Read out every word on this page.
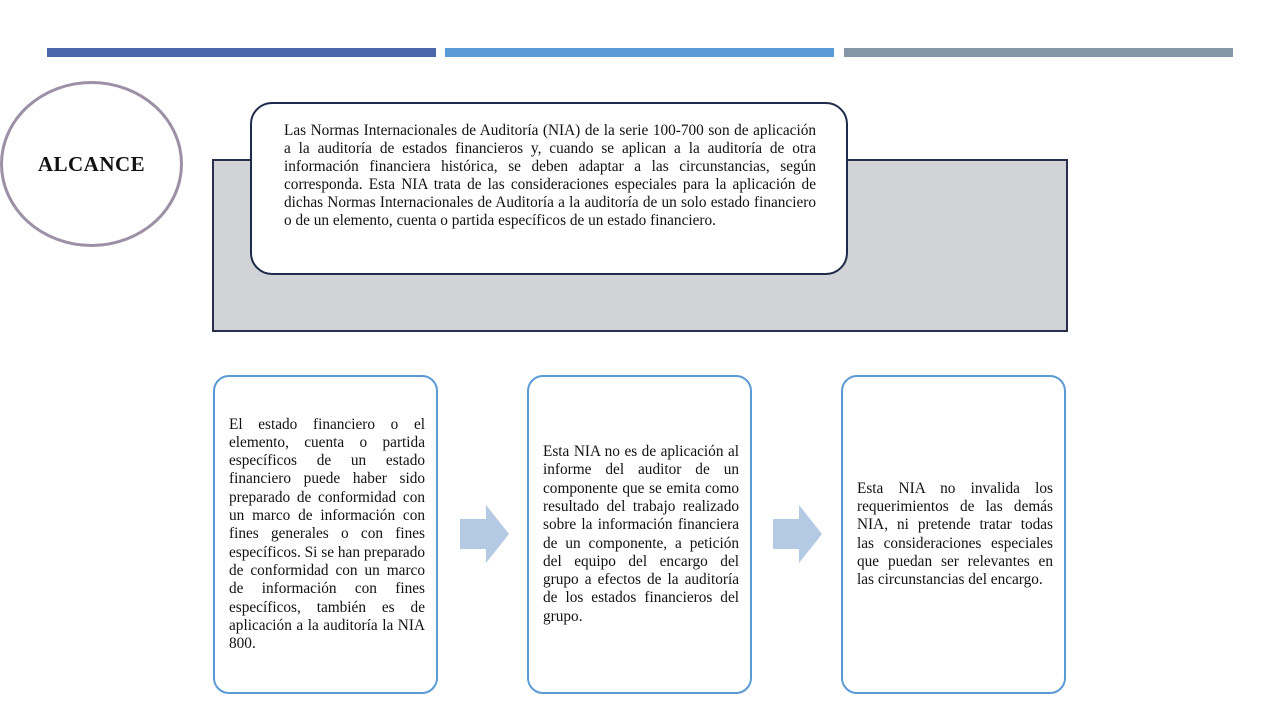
Las Normas Internacionales de Auditoría (NIA) de la serie 100-700 son de aplicación a la auditoría de estados financieros y, cuando se aplican a la auditoría de otra información financiera histórica, se deben adaptar a las circunstancias, según corresponda. Esta NIA trata de las consideraciones especiales para la aplicación de dichas Normas Internacionales de Auditoría a la auditoría de un solo estado financiero o de un elemento, cuenta o partida específicos de un estado financiero.
ALCANCE
El estado financiero o el elemento, cuenta o partida específicos de un estado financiero puede haber sido preparado de conformidad con un marco de información con fines generales o con fines específicos. Si se han preparado de conformidad con un marco de información con fines específicos, también es de aplicación a la auditoría la NIA 800.
Esta NIA no es de aplicación al informe del auditor de un componente que se emita como resultado del trabajo realizado sobre la información financiera de un componente, a petición del equipo del encargo del grupo a efectos de la auditoría de los estados financieros del grupo.
Esta NIA no invalida los requerimientos de las demás NIA, ni pretende tratar todas las consideraciones especiales que puedan ser relevantes en las circunstancias del encargo.
